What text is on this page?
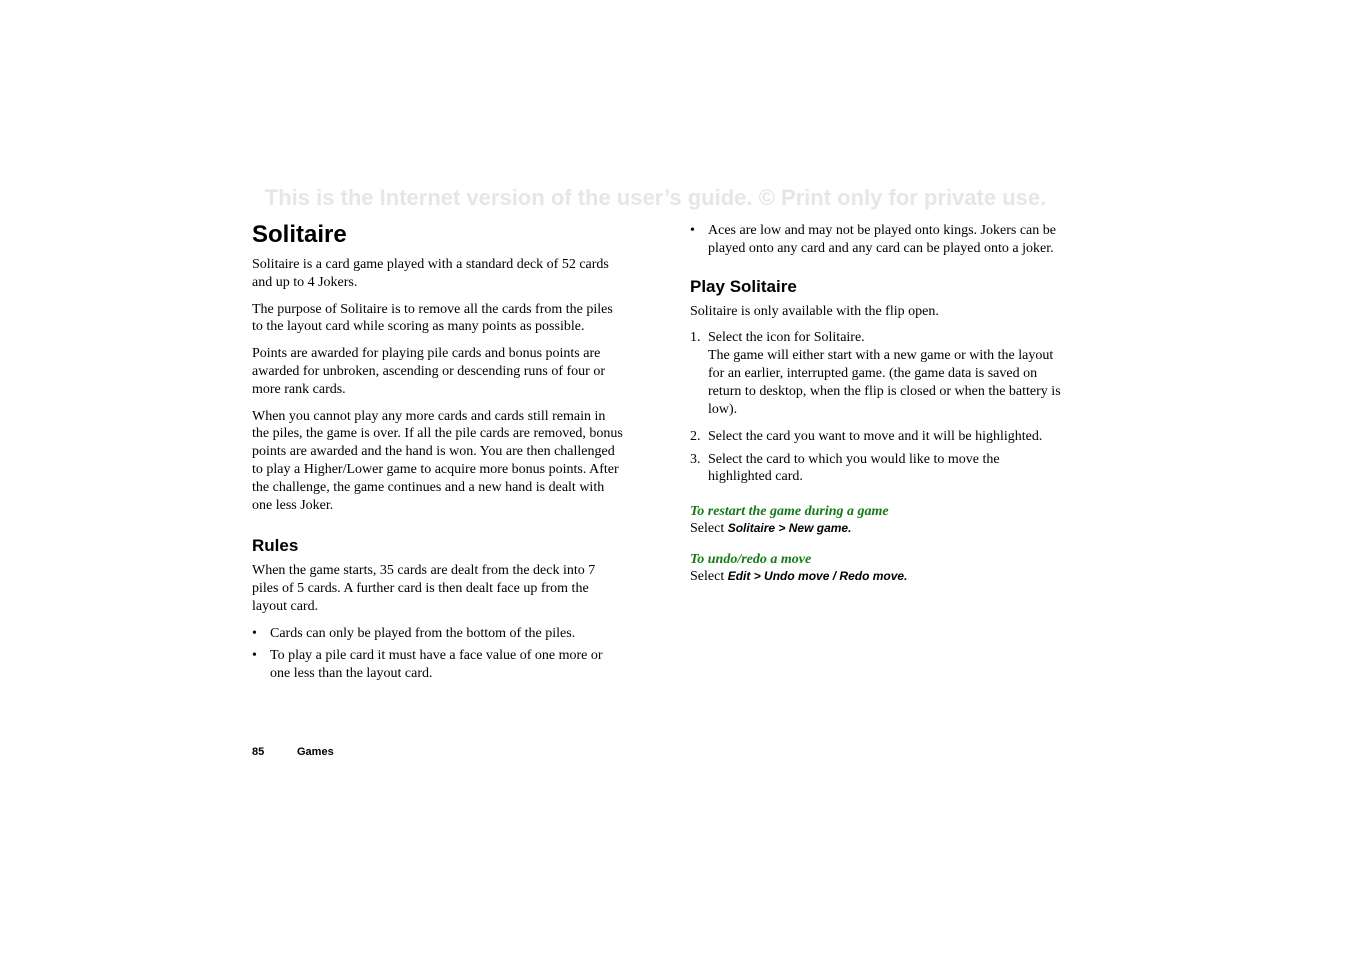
This is the Internet version of the user’s guide. © Print only for private use.
Solitaire

Solitaire is a card game played with a standard deck of 52 cards and up to 4 Jokers.

The purpose of Solitaire is to remove all the cards from the piles to the layout card while scoring as many points as possible.

Points are awarded for playing pile cards and bonus points are awarded for unbroken, ascending or descending runs of four or more rank cards.

When you cannot play any more cards and cards still remain in the piles, the game is over. If all the pile cards are removed, bonus points are awarded and the hand is won. You are then challenged to play a Higher/Lower game to acquire more bonus points. After the challenge, the game continues and a new hand is dealt with one less Joker.

Rules

When the game starts, 35 cards are dealt from the deck into 7 piles of 5 cards. A further card is then dealt face up from the layout card.

• Cards can only be played from the bottom of the piles.
• To play a pile card it must have a face value of one more or one less than the layout card.
• Aces are low and may not be played onto kings. Jokers can be played onto any card and any card can be played onto a joker.
Play Solitaire

Solitaire is only available with the flip open.

1. Select the icon for Solitaire.
The game will either start with a new game or with the layout for an earlier, interrupted game. (the game data is saved on return to desktop, when the flip is closed or when the battery is low).
2. Select the card you want to move and it will be highlighted.
3. Select the card to which you would like to move the highlighted card.

To restart the game during a game

Select Solitaire > New game.

To undo/redo a move

Select Edit > Undo move / Redo move.

85	Games
